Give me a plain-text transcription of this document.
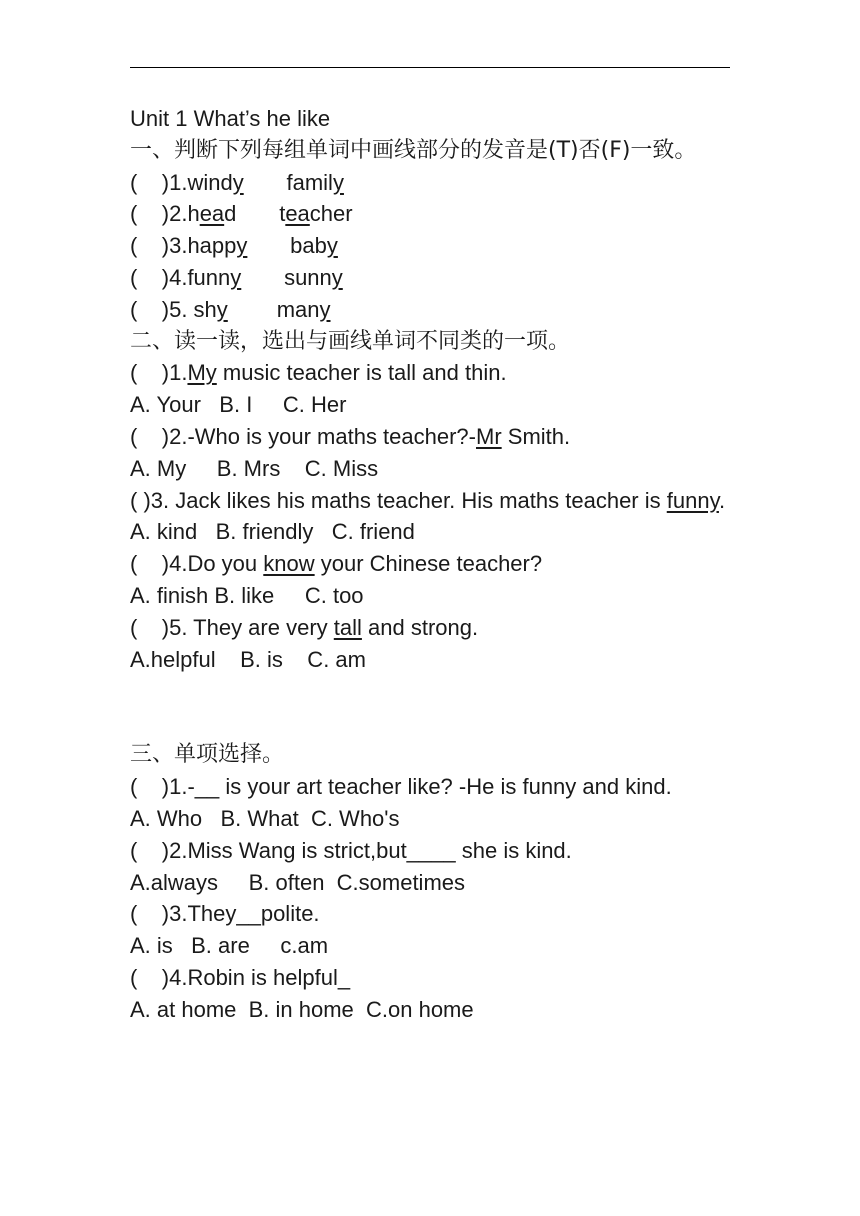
Unit 1 What’s he like
一、判断下列每组单词中画线部分的发音是(T)否(F)一致。
(    )1.windy       family
(    )2.head       teacher
(    )3.happy       baby
(    )4.funny       sunny
(    )5. shy        many
二、读一读，选出与画线单词不同类的一项。
(    )1.My music teacher is tall and thin.
A. Your   B. I     C. Her
(    )2.-Who is your maths teacher?-Mr Smith.
A. My     B. Mrs    C. Miss
( )3. Jack likes his maths teacher. His maths teacher is funny.
A. kind   B. friendly   C. friend
(    )4.Do you know your Chinese teacher?
A. finish B. like     C. too
(    )5. They are very tall and strong.
A.helpful    B. is    C. am
三、单项选择。
(    )1.-__ is your art teacher like? -He is funny and kind.
A. Who   B. What  C. Who's
(    )2.Miss Wang is strict,but____ she is kind.
A.always     B. often  C.sometimes
(    )3.They__polite.
A. is   B. are     c.am
(    )4.Robin is helpful_
A. at home  B. in home  C.on home
